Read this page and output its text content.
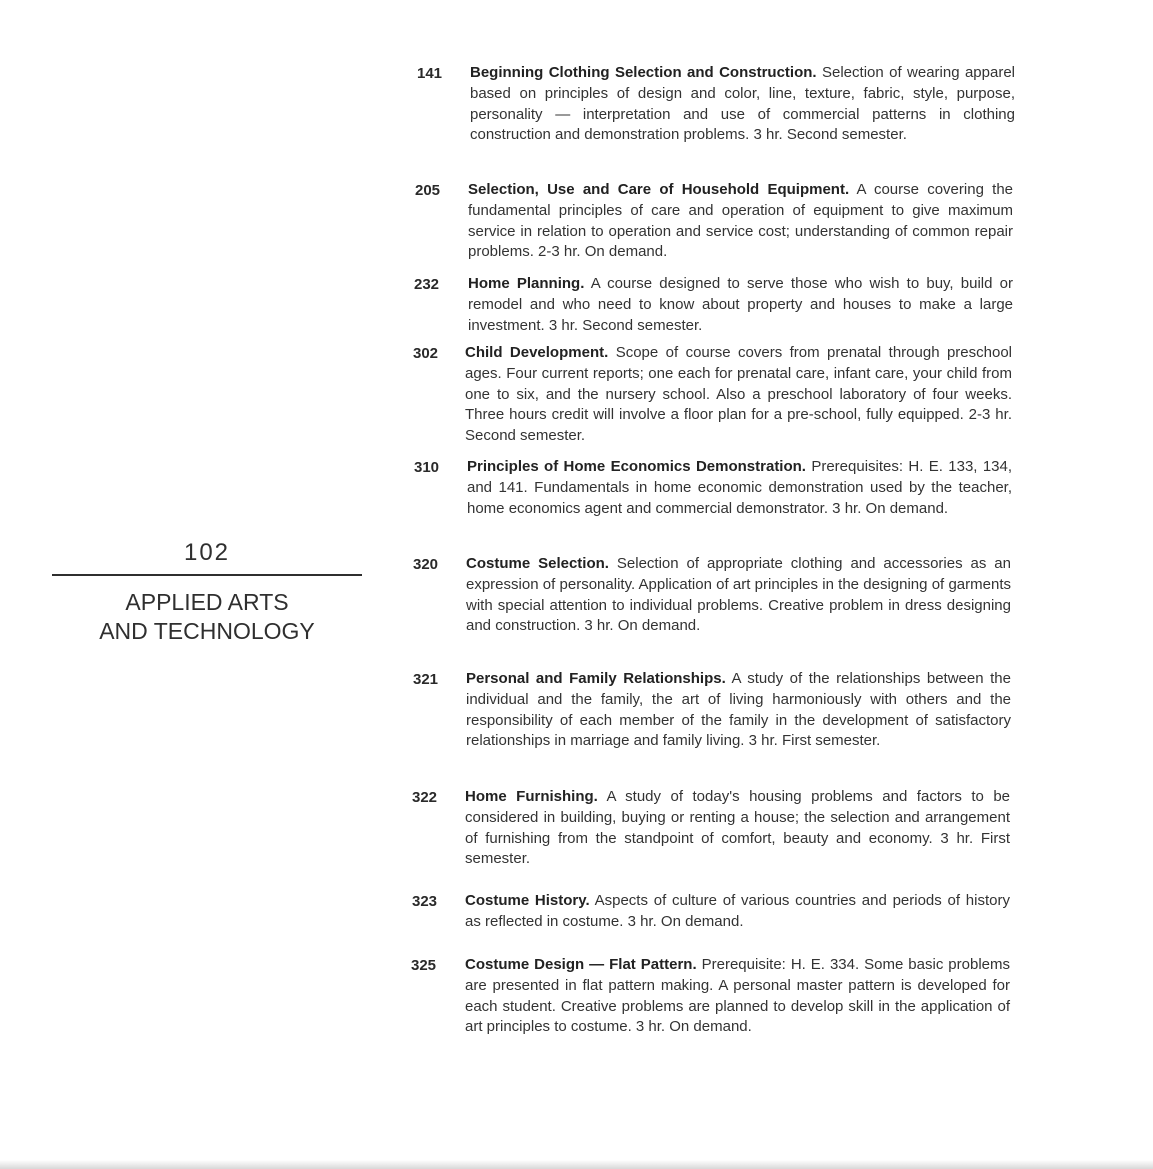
102
APPLIED ARTS
AND TECHNOLOGY
141	Beginning Clothing Selection and Construction. Selection of wearing apparel based on principles of design and color, line, texture, fabric, style, purpose, personality — interpretation and use of commercial patterns in clothing construction and demonstration problems. 3 hr. Second semester.
205	Selection, Use and Care of Household Equipment. A course covering the fundamental principles of care and operation of equipment to give maximum service in relation to operation and service cost; understanding of common repair problems. 2-3 hr. On demand.
232	Home Planning. A course designed to serve those who wish to buy, build or remodel and who need to know about property and houses to make a large investment. 3 hr. Second semester.
302	Child Development. Scope of course covers from prenatal through preschool ages. Four current reports; one each for prenatal care, infant care, your child from one to six, and the nursery school. Also a preschool laboratory of four weeks. Three hours credit will involve a floor plan for a pre-school, fully equipped. 2-3 hr. Second semester.
310	Principles of Home Economics Demonstration. Prerequisites: H. E. 133, 134, and 141. Fundamentals in home economic demonstration used by the teacher, home economics agent and commercial demonstrator. 3 hr. On demand.
320	Costume Selection. Selection of appropriate clothing and accessories as an expression of personality. Application of art principles in the designing of garments with special attention to individual problems. Creative problem in dress designing and construction. 3 hr. On demand.
321	Personal and Family Relationships. A study of the relationships between the individual and the family, the art of living harmoniously with others and the responsibility of each member of the family in the development of satisfactory relationships in marriage and family living. 3 hr. First semester.
322	Home Furnishing. A study of today's housing problems and factors to be considered in building, buying or renting a house; the selection and arrangement of furnishing from the standpoint of comfort, beauty and economy. 3 hr. First semester.
323	Costume History. Aspects of culture of various countries and periods of history as reflected in costume. 3 hr. On demand.
325	Costume Design — Flat Pattern. Prerequisite: H. E. 334. Some basic problems are presented in flat pattern making. A personal master pattern is developed for each student. Creative problems are planned to develop skill in the application of art principles to costume. 3 hr. On demand.
